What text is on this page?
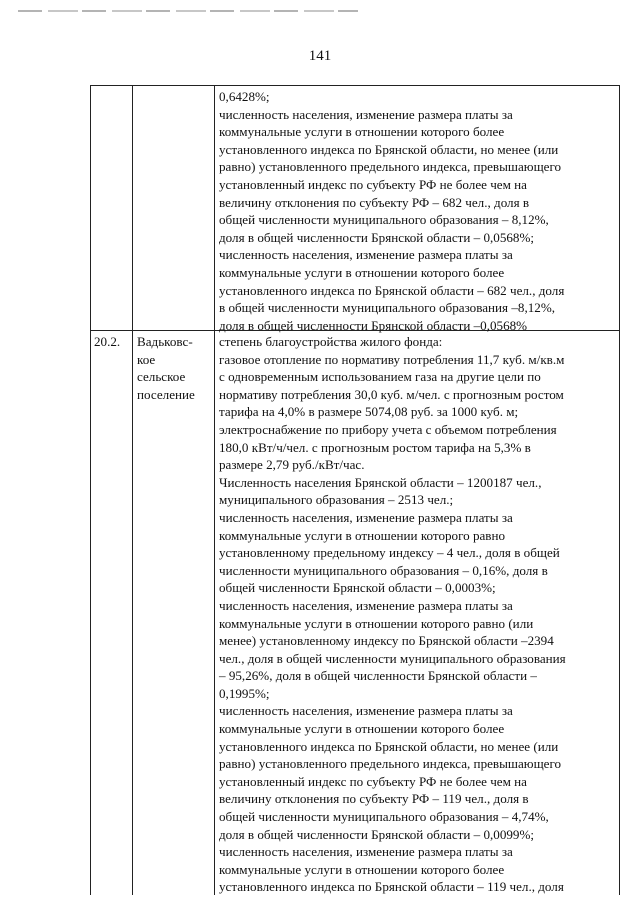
141
0,6428%;
численность населения, изменение размера платы за
коммунальные услуги в отношении которого более
установленного индекса по Брянской области, но менее (или
равно) установленного предельного индекса, превышающего
установленный индекс по субъекту РФ не более чем на
величину отклонения по субъекту РФ – 682 чел., доля в
общей численности муниципального образования – 8,12%,
доля в общей численности Брянской области – 0,0568%;
численность населения, изменение размера платы за
коммунальные услуги в отношении которого более
установленного индекса по Брянской области – 682 чел., доля
в общей численности муниципального образования –8,12%,
доля в общей численности Брянской области –0,0568%
20.2. Вадьковс-
кое
сельское
поселение
степень благоустройства жилого фонда:
газовое отопление по нормативу потребления 11,7 куб. м/кв.м
с одновременным использованием газа на другие цели по
нормативу потребления 30,0 куб. м/чел. с прогнозным ростом
тарифа на 4,0% в размере 5074,08 руб. за 1000 куб. м;
электроснабжение по прибору учета с объемом потребления
180,0 кВт/ч/чел. с прогнозным ростом тарифа на 5,3% в
размере 2,79 руб./кВт/час.
Численность населения Брянской области – 1200187 чел.,
муниципального образования – 2513 чел.;
численность населения, изменение размера платы за
коммунальные услуги в отношении которого равно
установленному предельному индексу – 4 чел., доля в общей
численности муниципального образования – 0,16%, доля в
общей численности Брянской области – 0,0003%;
численность населения, изменение размера платы за
коммунальные услуги в отношении которого равно (или
менее) установленному индексу по Брянской области –2394
чел., доля в общей численности муниципального образования
– 95,26%, доля в общей численности Брянской области –
0,1995%;
численность населения, изменение размера платы за
коммунальные услуги в отношении которого более
установленного индекса по Брянской области, но менее (или
равно) установленного предельного индекса, превышающего
установленный индекс по субъекту РФ не более чем на
величину отклонения по субъекту РФ – 119 чел., доля в
общей численности муниципального образования – 4,74%,
доля в общей численности Брянской области – 0,0099%;
численность населения, изменение размера платы за
коммунальные услуги в отношении которого более
установленного индекса по Брянской области – 119 чел., доля
